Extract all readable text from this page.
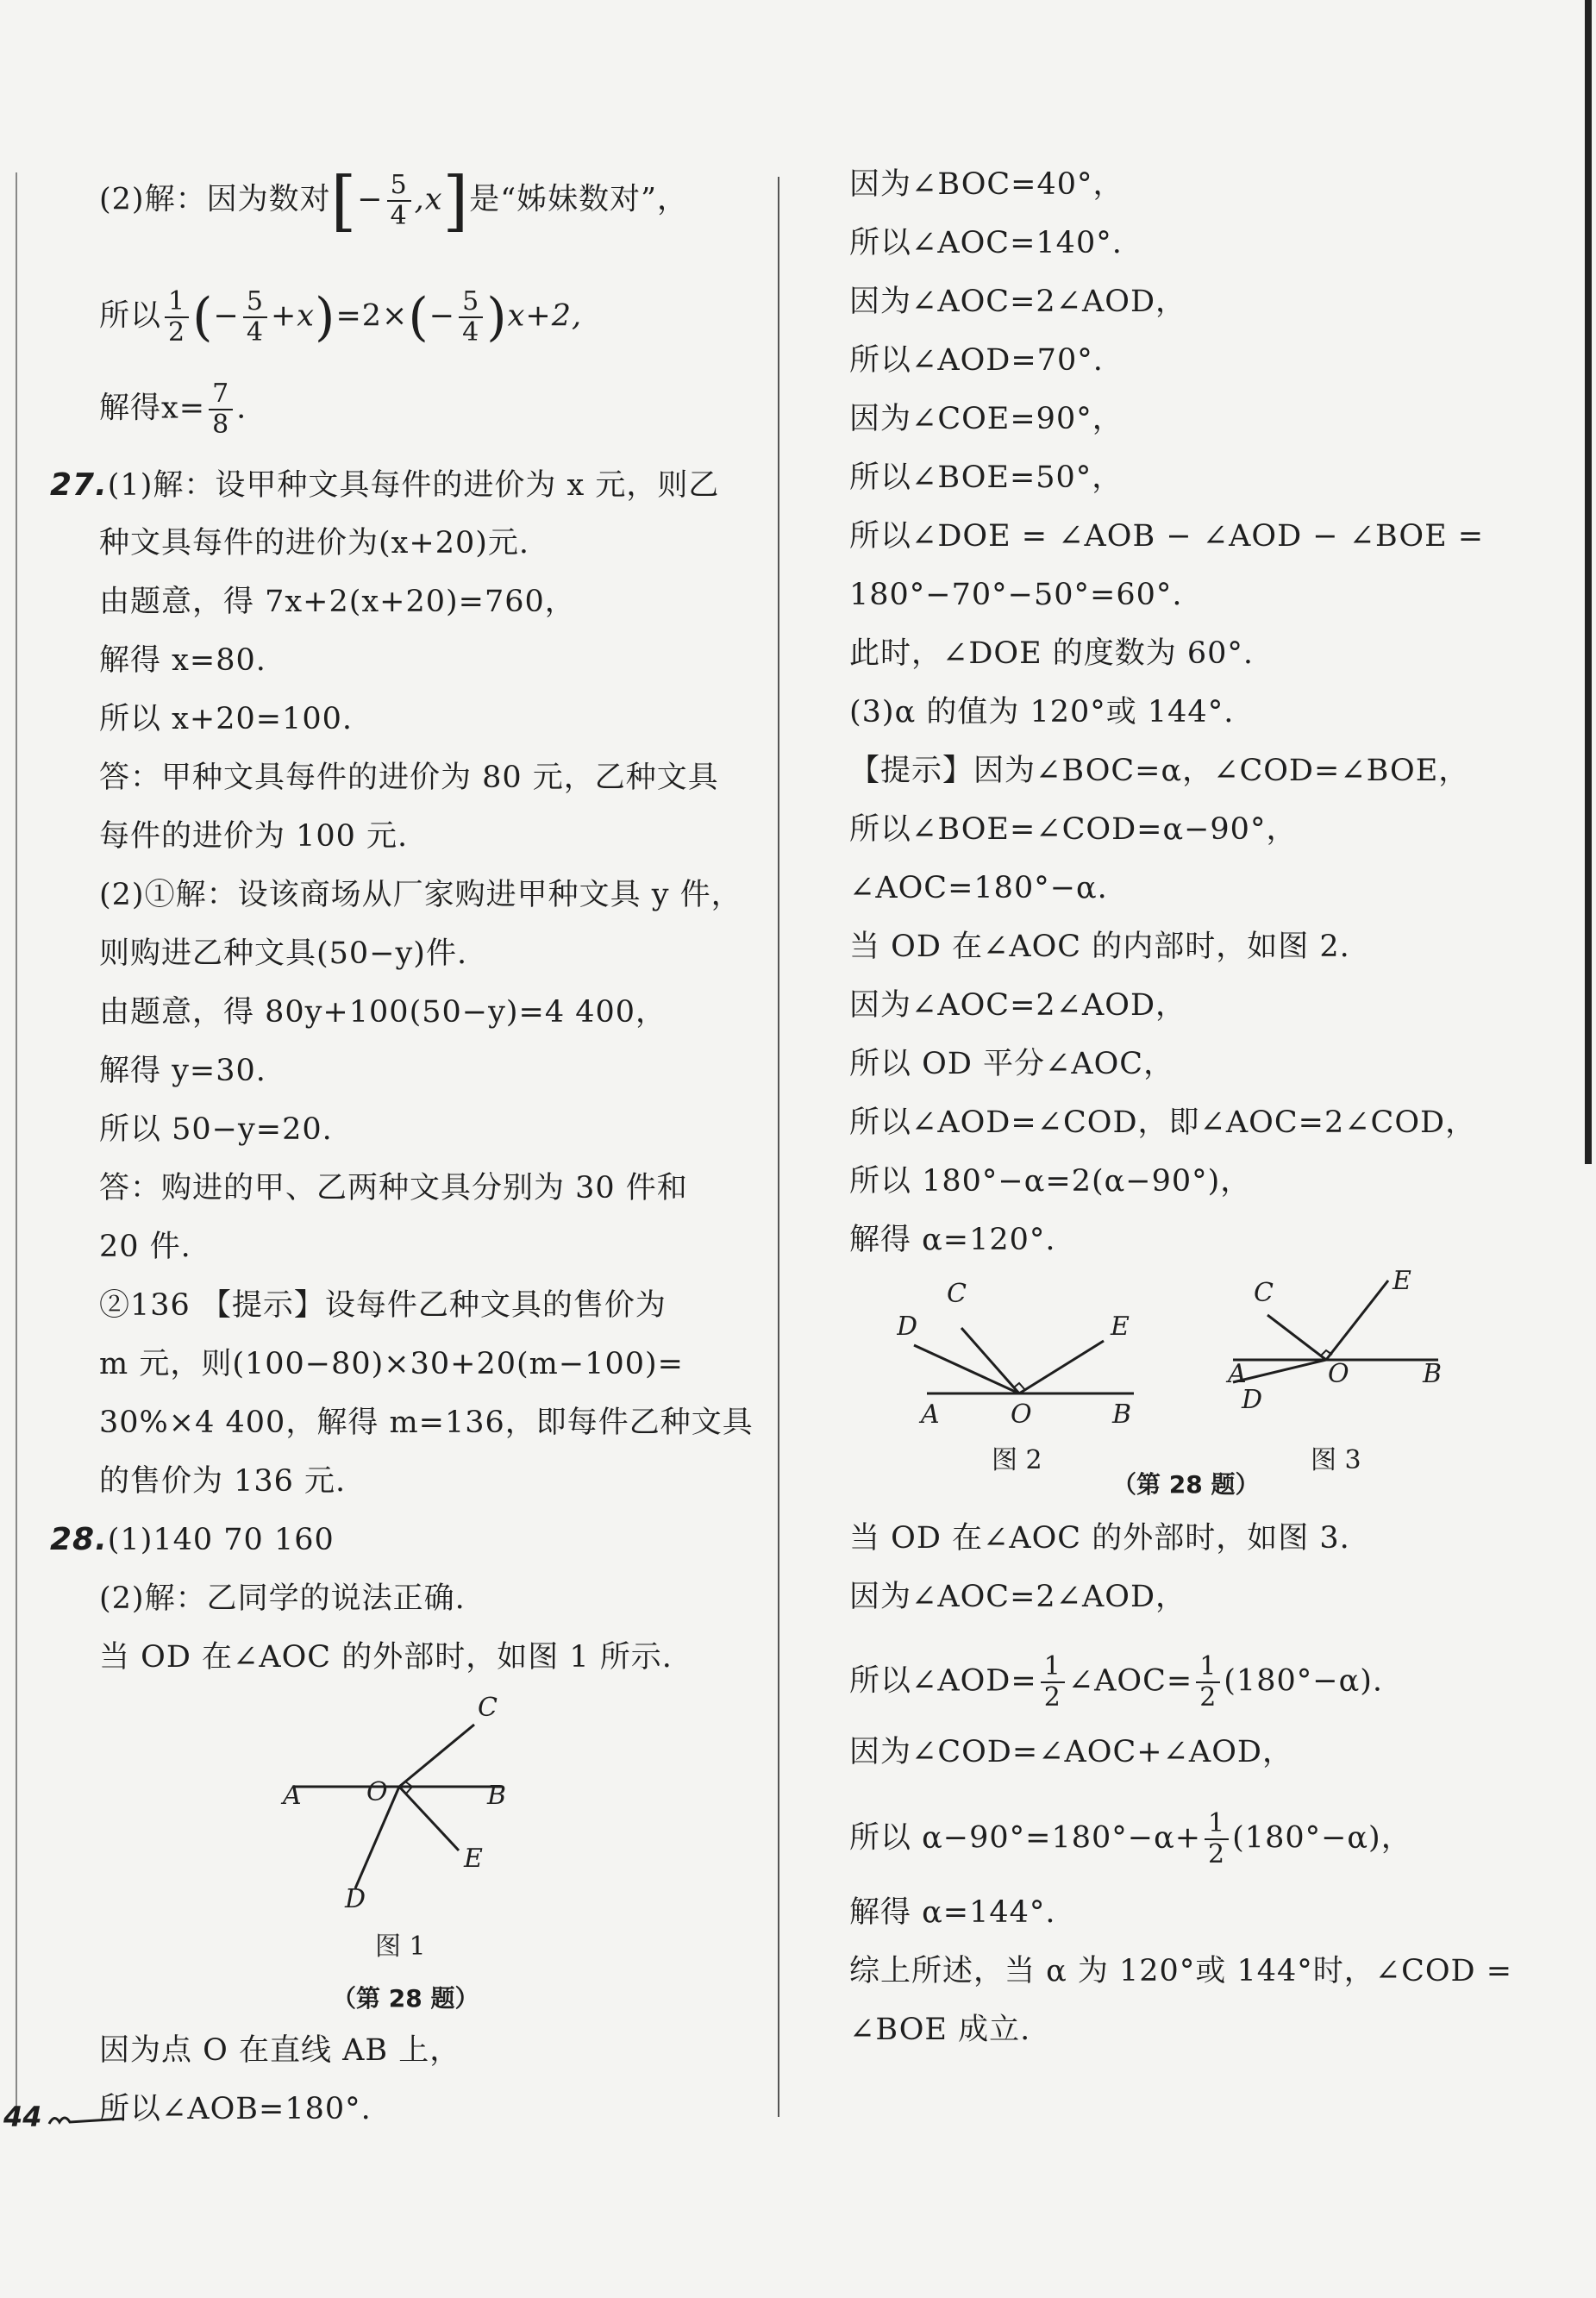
(2)解：因为数对[− $\frac{5}{4} ,x$]是“姊妹数对”，
所以 $\frac{1}{2}$ (− $\frac{5}{4} +x)=2\times(- \frac{5}{4} )x+2$,
解得$x= \frac{7}{8}$ .
27.(1)解：设甲种文具每件的进价为 x 元，则乙
种文具每件的进价为(x+20)元.
由题意，得 7x+2(x+20)=760，
解得 x=80.
所以 x+20=100.
答：甲种文具每件的进价为 80 元，乙种文具
每件的进价为 100 元.
(2)①解：设该商场从厂家购进甲种文具 y 件，
则购进乙种文具(50−y)件.
由题意，得 80y+100(50−y)=4 400，
解得 y=30.
所以 50−y=20.
答：购进的甲、乙两种文具分别为 30 件和
20 件.
②136 【提示】设每件乙种文具的售价为
m 元，则(100−80)×30+20(m−100)=
30%×4 400，解得 m=136，即每件乙种文具
的售价为 136 元.
28.(1)140 70 160
(2)解：乙同学的说法正确.
当 OD 在∠AOC 的外部时，如图 1 所示.
A	O	B
C
D
E
图 1
（第 28 题）
因为点 O 在直线 AB 上，
所以∠AOB=180°.
因为∠BOC=40°，
所以∠AOC=140°.
因为∠AOC=2∠AOD，
所以∠AOD=70°.
因为∠COE=90°，
所以∠BOE=50°，
所以∠DOE = ∠AOB − ∠AOD − ∠BOE =
180°−70°−50°=60°.
此时，∠DOE 的度数为 60°.
(3)α 的值为 120°或 144°.
【提示】因为∠BOC=α，∠COD=∠BOE，
所以∠BOE=∠COD=α−90°，
∠AOC=180°−α.
当 OD 在∠AOC 的内部时，如图 2.
因为∠AOC=2∠AOD，
所以 OD 平分∠AOC，
所以∠AOD=∠COD，即∠AOC=2∠COD，
所以 180°−α=2(α−90°)，
解得 α=120°.
A	O	B
C
D	E
A	O	B
C
D
E
图 2	图 3
（第 28 题）
当 OD 在∠AOC 的外部时，如图 3.
因为∠AOC=2∠AOD，
所以∠AOD= $\frac{1}{2}$ ∠AOC= $\frac{1}{2} (180^\circ-\alpha)$.
因为∠COD=∠AOC+∠AOD，
所以 $\alpha-90^\circ=180^\circ-\alpha+ \frac{1}{2} (180^\circ-\alpha)$，
解得 α=144°.
综上所述，当 α 为 120°或 144°时，∠COD =
∠BOE 成立.
44
